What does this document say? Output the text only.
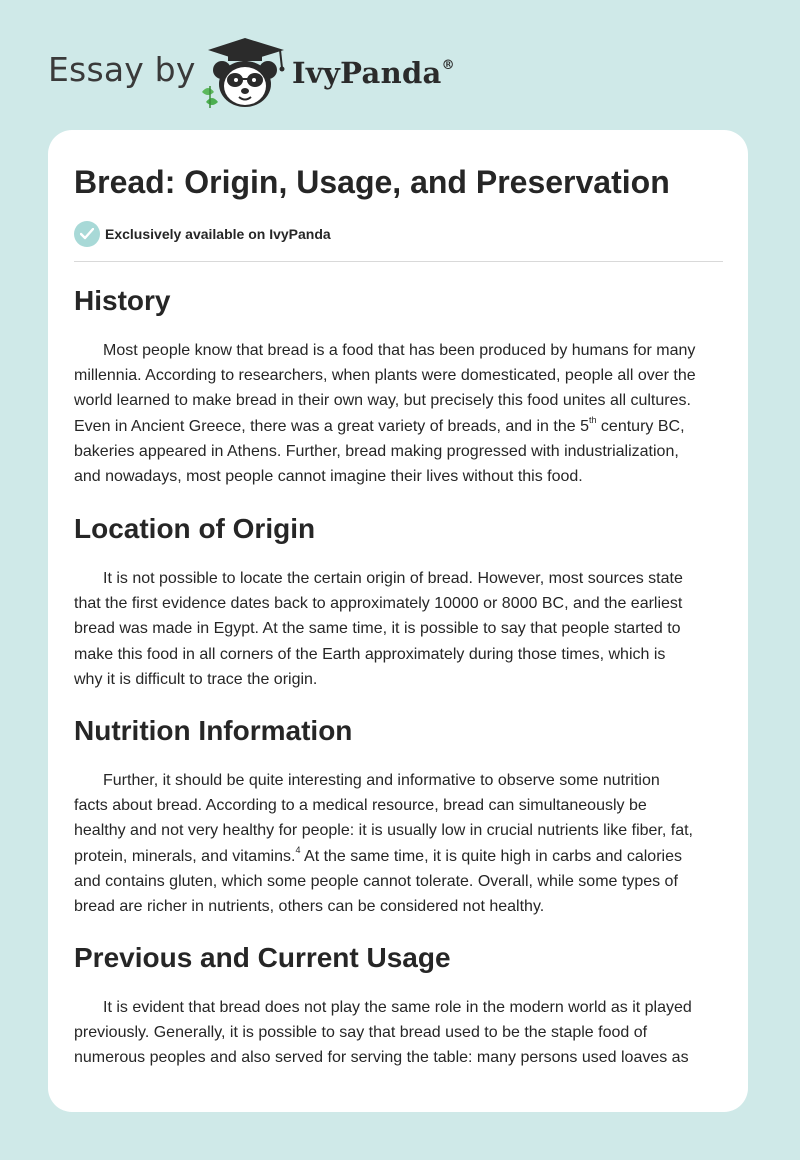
Essay by	IvyPanda®
Bread: Origin, Usage, and Preservation
Exclusively available on IvyPanda
History
Most people know that bread is a food that has been produced by humans for many
millennia. According to researchers, when plants were domesticated, people all over the
world learned to make bread in their own way, but precisely this food unites all cultures.
Even in Ancient Greece, there was a great variety of breads, and in the 5th century BC,
bakeries appeared in Athens. Further, bread making progressed with industrialization,
and nowadays, most people cannot imagine their lives without this food.
Location of Origin
It is not possible to locate the certain origin of bread. However, most sources state
that the first evidence dates back to approximately 10000 or 8000 BC, and the earliest
bread was made in Egypt. At the same time, it is possible to say that people started to
make this food in all corners of the Earth approximately during those times, which is
why it is difficult to trace the origin.
Nutrition Information
Further, it should be quite interesting and informative to observe some nutrition
facts about bread. According to a medical resource, bread can simultaneously be
healthy and not very healthy for people: it is usually low in crucial nutrients like fiber, fat,
protein, minerals, and vitamins.$^4$ At the same time, it is quite high in carbs and calories
and contains gluten, which some people cannot tolerate. Overall, while some types of
bread are richer in nutrients, others can be considered not healthy.
Previous and Current Usage
It is evident that bread does not play the same role in the modern world as it played
previously. Generally, it is possible to say that bread used to be the staple food of
numerous peoples and also served for serving the table: many persons used loaves as
